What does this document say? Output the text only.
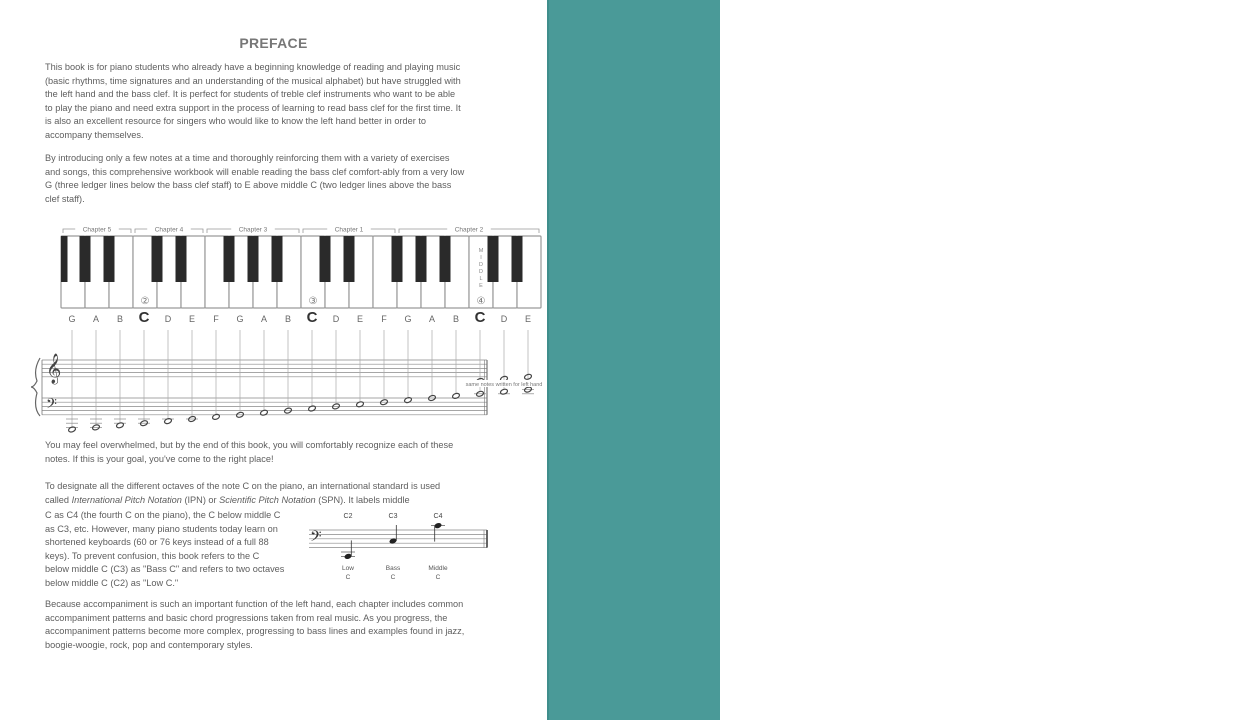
PREFACE

This book is for piano students who already have a beginning knowledge of reading and playing music (basic rhythms, time signatures and an understanding of the musical alphabet) but have struggled with the left hand and the bass clef. It is perfect for students of treble clef instruments who want to be able to play the piano and need extra support in the process of learning to read bass clef for the first time. It is also an excellent resource for singers who would like to know the left hand better in order to accompany themselves.

By introducing only a few notes at a time and thoroughly reinforcing them with a variety of exercises and songs, this comprehensive workbook will enable reading the bass clef comfort-ably from a very low G (three ledger lines below the bass clef staff) to E above middle C (two ledger lines above the bass clef staff).

Chapter 5	Chapter 4	Chapter 3	Chapter 1	Chapter 2
②	③	④
M
I
D
D
L
E
G A B C D E F G A B C D E F G A B C D E
𝄞
𝄢
same notes written for left hand

You may feel overwhelmed, but by the end of this book, you will comfortably recognize each of these notes. If this is your goal, you've come to the right place!

To designate all the different octaves of the note C on the piano, an international standard is used called International Pitch Notation (IPN) or Scientific Pitch Notation (SPN). It labels middle

C as C4 (the fourth C on the piano), the C below middle C as C3, etc. However, many piano students today learn on shortened keyboards (60 or 76 keys instead of a full 88 keys). To prevent confusion, this book refers to the C below middle C (C3) as "Bass C" and refers to two octaves below middle C (C2) as "Low C."

𝄢
C2
Low
C
C3
Bass
C
C4
Middle
C

Because accompaniment is such an important function of the left hand, each chapter includes common accompaniment patterns and basic chord progressions taken from real music. As you progress, the accompaniment patterns become more complex, progressing to bass lines and examples found in jazz, boogie-woogie, rock, pop and contemporary styles.

島 嶼
樂 集
island music
